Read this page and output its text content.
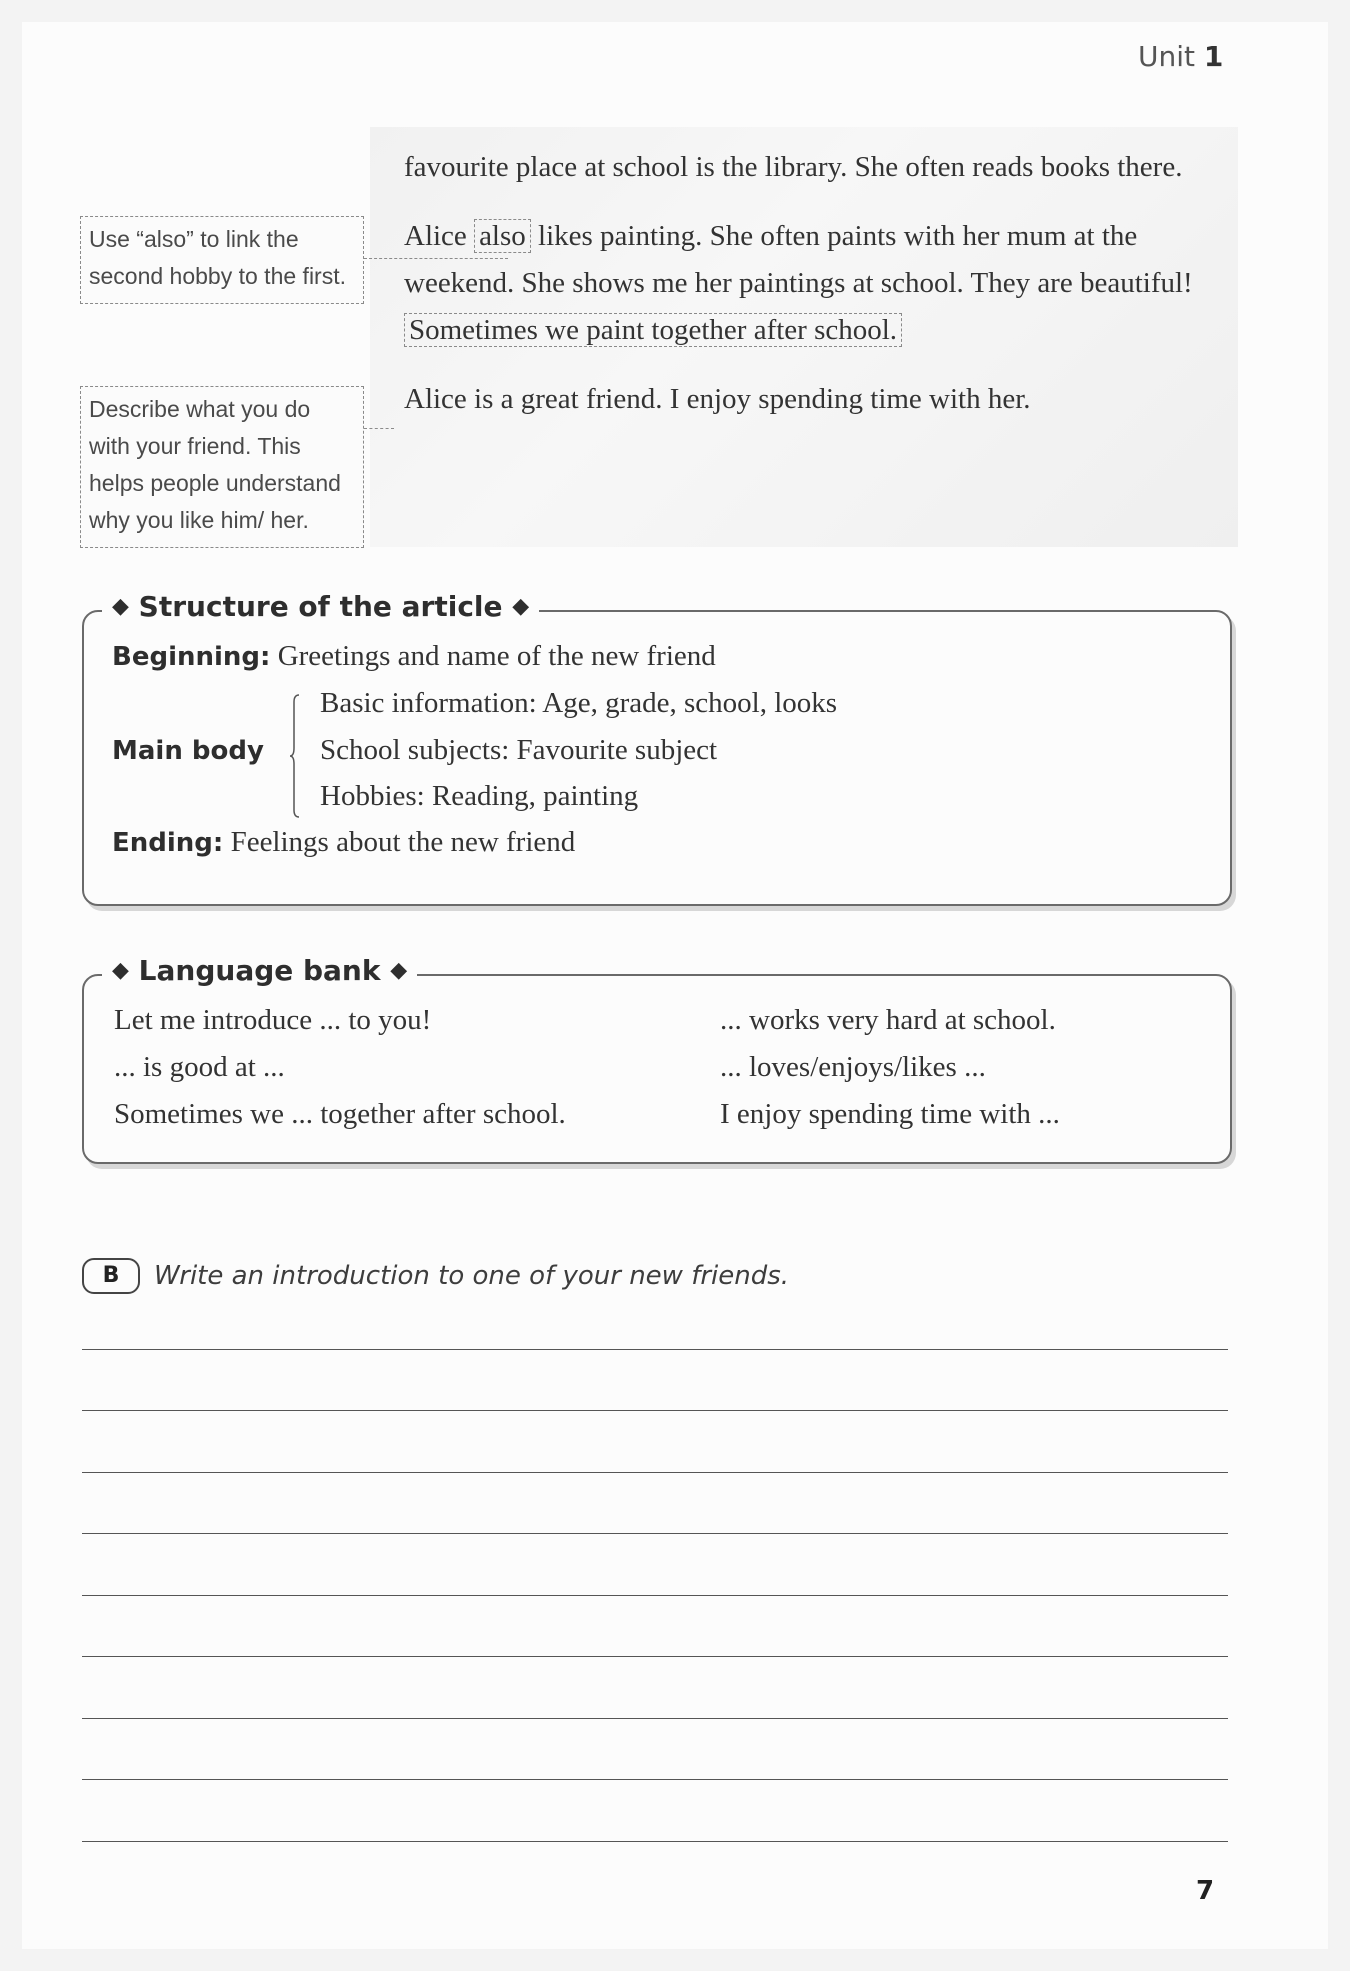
Unit 1

favourite place at school is the library. She often reads books there.

Alice also likes painting. She often paints with her mum at the weekend. She shows me her paintings at school. They are beautiful! Sometimes we paint together after school.

Alice is a great friend. I enjoy spending time with her.

Use “also” to link the second hobby to the first.
Describe what you do with your friend. This helps people understand why you like him/ her.
◆ Structure of the article ◆
Beginning: Greetings and name of the new friend
Main body
Basic information: Age, grade, school, looks
School subjects: Favourite subject
Hobbies: Reading, painting
Ending: Feelings about the new friend
◆ Language bank ◆
Let me introduce ... to you!
... is good at ...
Sometimes we ... together after school.
... works very hard at school.
... loves/enjoys/likes ...
I enjoy spending time with ...
B	Write an introduction to one of your new friends.
7
